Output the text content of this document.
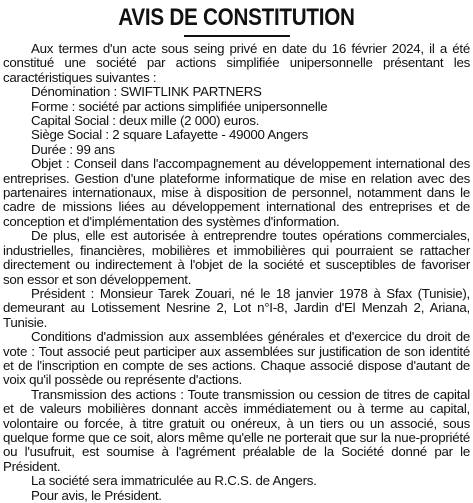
AVIS DE CONSTITUTION

Aux termes d'un acte sous seing privé en date du 16 février 2024, il a été constitué une société par actions simplifiée unipersonnelle présentant les caractéristiques suivantes :

Dénomination : SWIFTLINK PARTNERS

Forme : société par actions simplifiée unipersonnelle

Capital Social : deux mille (2 000) euros.

Siège Social : 2 square Lafayette - 49000 Angers

Durée : 99 ans

Objet : Conseil dans l'accompagnement au développement international des entreprises. Gestion d'une plateforme informatique de mise en relation avec des partenaires internationaux, mise à disposition de personnel, notamment dans le cadre de missions liées au développement international des entreprises et de conception et d'implémentation des systèmes d'information.

De plus, elle est autorisée à entreprendre toutes opérations commerciales, industrielles, financières, mobilières et immobilières qui pourraient se rattacher directement ou indirectement à l'objet de la société et susceptibles de favoriser son essor et son développement.

Président : Monsieur Tarek Zouari, né le 18 janvier 1978 à Sfax (Tunisie), demeurant au Lotissement Nesrine 2, Lot n°I-8, Jardin d'El Menzah 2, Ariana, Tunisie.

Conditions d'admission aux assemblées générales et d'exercice du droit de vote : Tout associé peut participer aux assemblées sur justification de son identité et de l'inscription en compte de ses actions. Chaque associé dispose d'autant de voix qu'il possède ou représente d'actions.

Transmission des actions : Toute transmission ou cession de titres de capital et de valeurs mobilières donnant accès immédiatement ou à terme au capital, volontaire ou forcée, à titre gratuit ou onéreux, à un tiers ou un associé, sous quelque forme que ce soit, alors même qu'elle ne porterait que sur la nue-propriété ou l'usufruit, est soumise à l'agrément préalable de la Société donné par le Président.

La société sera immatriculée au R.C.S. de Angers.

Pour avis, le Président.
